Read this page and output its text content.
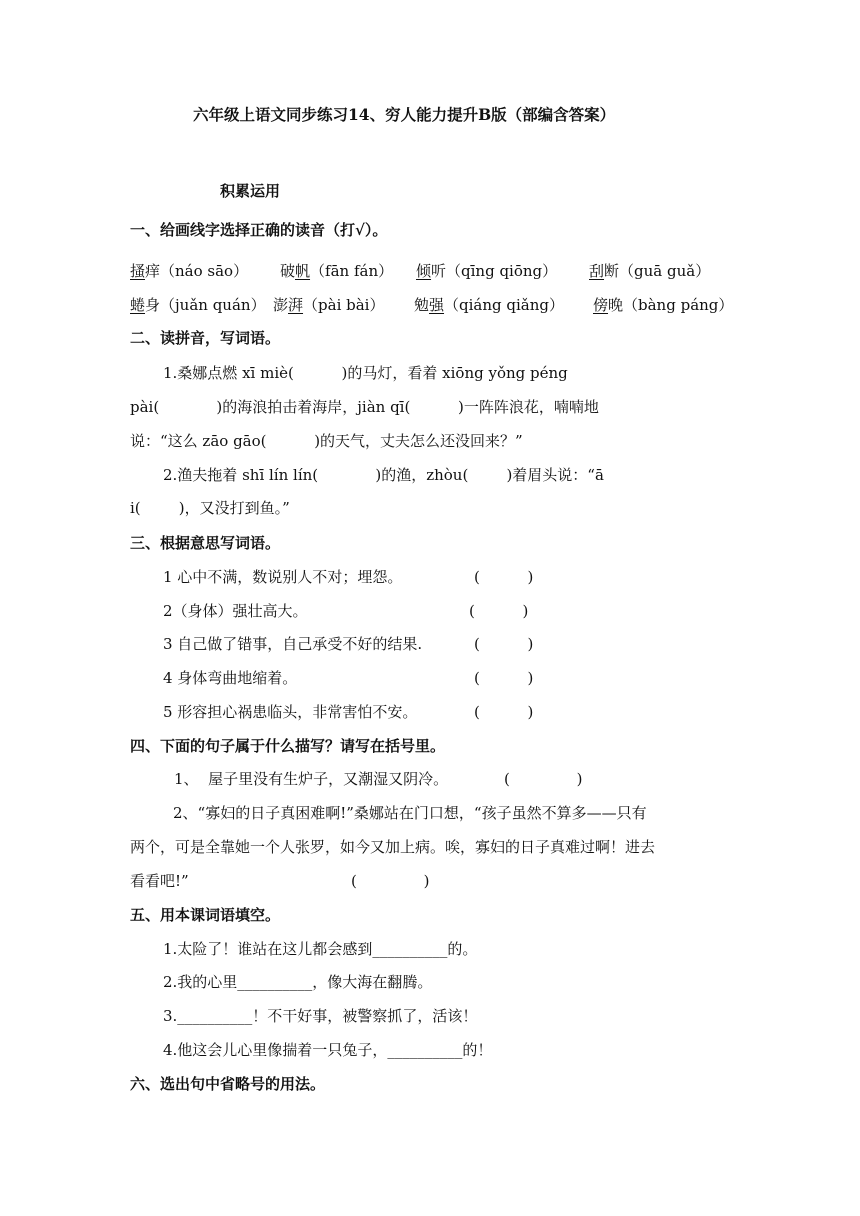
六年级上语文同步练习14、穷人能力提升B版（部编含答案）
积累运用
一、给画线字选择正确的读音（打√）。
搔痒（náo sāo） 破帆（fān fán） 倾听（qīng qiōng） 刮断（guā guǎ）
蜷身（juǎn quán） 澎湃（pài bài） 勉强（qiáng qiǎng） 傍晚（bàng páng）
二、读拼音，写词语。
1.桑娜点燃 xī miè(          )的马灯，看着 xiōng yǒng péng
pài(            )的海浪拍击着海岸，jiàn qī(          )一阵阵浪花，喃喃地
说：“这么 zāo gāo(          )的天气，丈夫怎么还没回来？”
2.渔夫拖着 shī lín lín(            )的渔，zhòu(        )着眉头说：“ā
i(        )，又没打到鱼。”
三、根据意思写词语。
1 心中不满，数说别人不对；埋怨。	(          )
2（身体）强壮高大。	(          )
3 自己做了错事，自己承受不好的结果.	(          )
4 身体弯曲地缩着。	(          )
5 形容担心祸患临头，非常害怕不安。	(          )
四、下面的句子属于什么描写？请写在括号里。
1、  屋子里没有生炉子，又潮湿又阴冷。	(              )
2、“寡妇的日子真困难啊!”桑娜站在门口想，“孩子虽然不算多——只有
两个，可是全靠她一个人张罗，如今又加上病。唉，寡妇的日子真难过啊！进去
看看吧!”	(              )
五、用本课词语填空。
1.太险了！谁站在这儿都会感到__________的。
2.我的心里__________，像大海在翻腾。
3.__________！不干好事，被警察抓了，活该！
4.他这会儿心里像揣着一只兔子，__________的！
六、选出句中省略号的用法。
